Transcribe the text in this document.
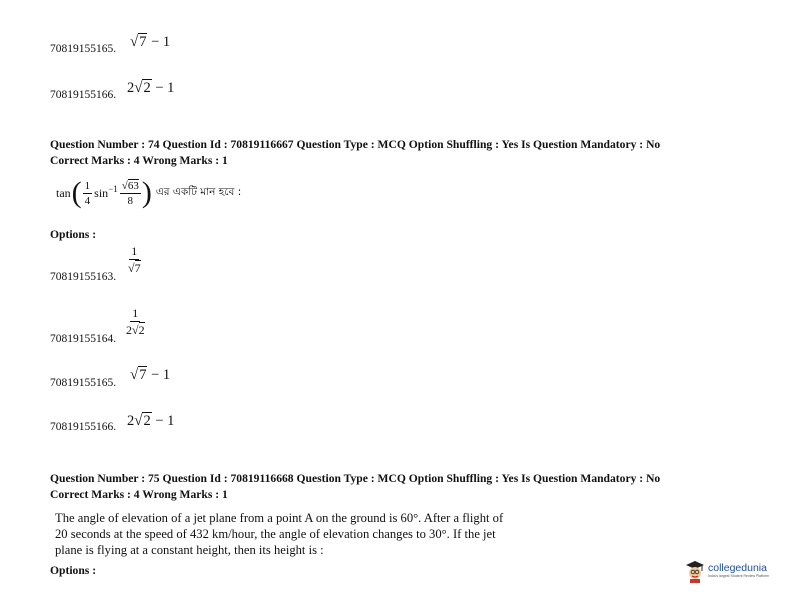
70819155165. √7 − 1
70819155166. 2√2 − 1
Question Number : 74 Question Id : 70819116667 Question Type : MCQ Option Shuffling : Yes Is Question Mandatory : No
Correct Marks : 4 Wrong Marks : 1
tan ( $\frac{1}{4} \sin^{-1} \frac{√63}{8}$ ) এর একটি মান হবে :
Options :
$\frac{1}{√7}$
70819155163.
$\frac{1}{2√2}$
70819155164.
√7 − 1
70819155165.
2√2 − 1
70819155166.
Question Number : 75 Question Id : 70819116668 Question Type : MCQ Option Shuffling : Yes Is Question Mandatory : No
Correct Marks : 4 Wrong Marks : 1
The angle of elevation of a jet plane from a point A on the ground is 60°. After a flight of
20 seconds at the speed of 432 km/hour, the angle of elevation changes to 30°. If the jet
plane is flying at a constant height, then its height is :
Options :	collegedunia
India's largest Student Review Platform
